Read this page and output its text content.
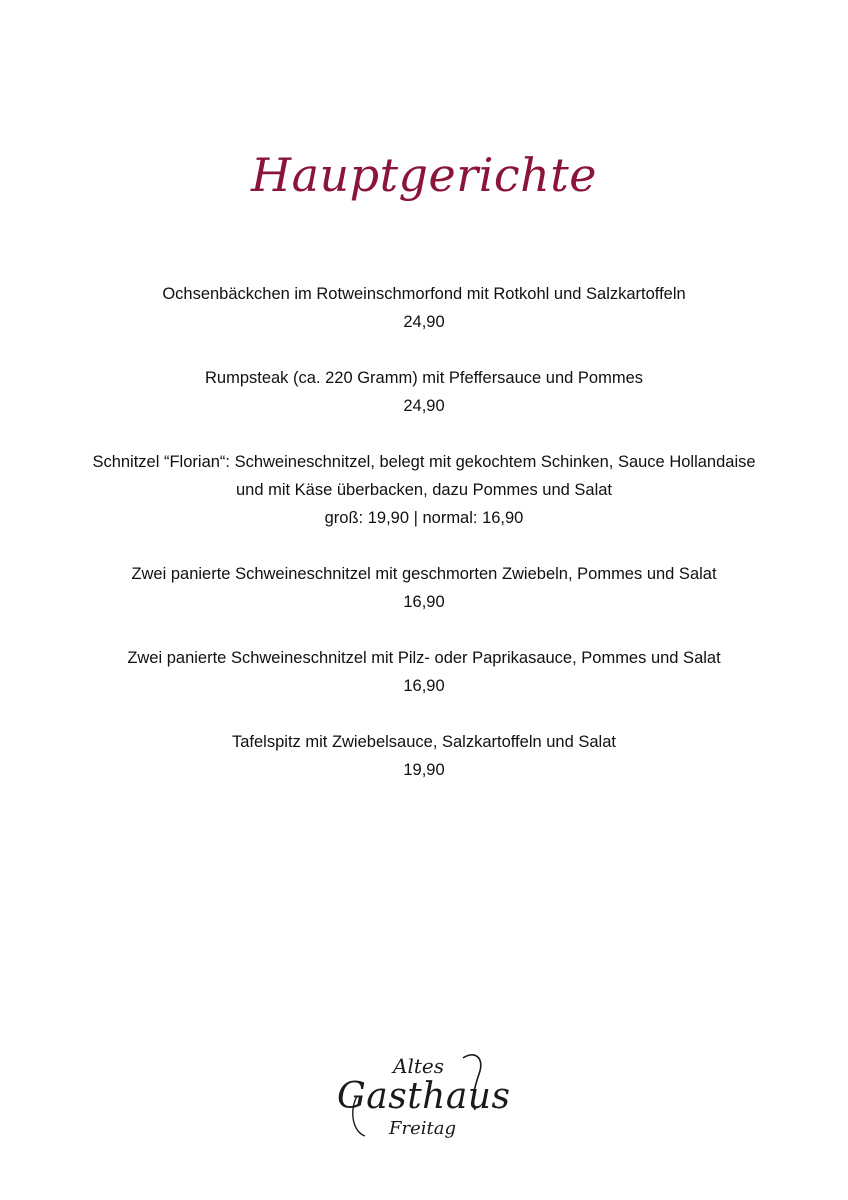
Hauptgerichte
Ochsenbäckchen im Rotweinschmorfond mit Rotkohl und Salzkartoffeln
24,90
Rumpsteak (ca. 220 Gramm) mit Pfeffersauce und Pommes
24,90
Schnitzel “Florian“: Schweineschnitzel, belegt mit gekochtem Schinken, Sauce Hollandaise und mit Käse überbacken, dazu Pommes und Salat
groß: 19,90 | normal: 16,90
Zwei panierte Schweineschnitzel mit geschmorten Zwiebeln, Pommes und Salat
16,90
Zwei panierte Schweineschnitzel mit Pilz- oder Paprikasauce, Pommes und Salat
16,90
Tafelspitz mit Zwiebelsauce, Salzkartoffeln und Salat
19,90
Altes
Gasthaus
Freitag
